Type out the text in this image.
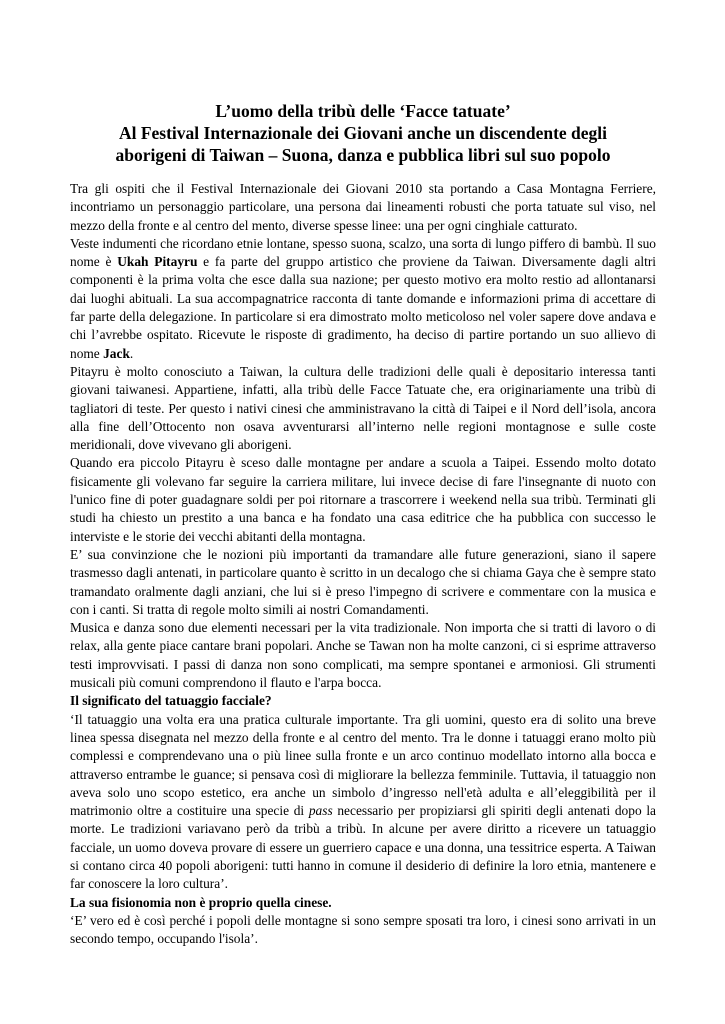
L’uomo della tribù delle ‘Facce tatuate’
Al Festival Internazionale dei Giovani anche un discendente degli
aborigeni di Taiwan – Suona, danza e pubblica libri sul suo popolo

Tra gli ospiti che il Festival Internazionale dei Giovani 2010 sta portando a Casa Montagna Ferriere, incontriamo un personaggio particolare, una persona dai lineamenti robusti che porta tatuate sul viso, nel mezzo della fronte e al centro del mento, diverse spesse linee: una per ogni cinghiale catturato.

Veste indumenti che ricordano etnie lontane, spesso suona, scalzo, una sorta di lungo piffero di bambù. Il suo nome è Ukah Pitayru e fa parte del gruppo artistico che proviene da Taiwan. Diversamente dagli altri componenti è la prima volta che esce dalla sua nazione; per questo motivo era molto restio ad allontanarsi dai luoghi abituali. La sua accompagnatrice racconta di tante domande e informazioni prima di accettare di far parte della delegazione. In particolare si era dimostrato molto meticoloso nel voler sapere dove andava e chi l’avrebbe ospitato. Ricevute le risposte di gradimento, ha deciso di partire portando un suo allievo di nome Jack.

Pitayru è molto conosciuto a Taiwan, la cultura delle tradizioni delle quali è depositario interessa tanti giovani taiwanesi. Appartiene, infatti, alla tribù delle Facce Tatuate che, era originariamente una tribù di tagliatori di teste. Per questo i nativi cinesi che amministravano la città di Taipei e il Nord dell’isola, ancora alla fine dell’Ottocento non osava avventurarsi all’interno nelle regioni montagnose e sulle coste meridionali, dove vivevano gli aborigeni.

Quando era piccolo Pitayru è sceso dalle montagne per andare a scuola a Taipei. Essendo molto dotato fisicamente gli volevano far seguire la carriera militare, lui invece decise di fare l'insegnante di nuoto con l'unico fine di poter guadagnare soldi per poi ritornare a trascorrere i weekend nella sua tribù. Terminati gli studi ha chiesto un prestito a una banca e ha fondato una casa editrice che ha pubblica con successo le interviste e le storie dei vecchi abitanti della montagna.

E’ sua convinzione che le nozioni più importanti da tramandare alle future generazioni, siano il sapere trasmesso dagli antenati, in particolare quanto è scritto in un decalogo che si chiama Gaya che è sempre stato tramandato oralmente dagli anziani, che lui si è preso l'impegno di scrivere e commentare con la musica e con i canti. Si tratta di regole molto simili ai nostri Comandamenti.

Musica e danza sono due elementi necessari per la vita tradizionale. Non importa che si tratti di lavoro o di relax, alla gente piace cantare brani popolari. Anche se Tawan non ha molte canzoni, ci si esprime attraverso testi improvvisati. I passi di danza non sono complicati, ma sempre spontanei e armoniosi. Gli strumenti musicali più comuni comprendono il flauto e l'arpa bocca.

Il significato del tatuaggio facciale?

‘Il tatuaggio una volta era una pratica culturale importante. Tra gli uomini, questo era di solito una breve linea spessa disegnata nel mezzo della fronte e al centro del mento. Tra le donne i tatuaggi erano molto più complessi e comprendevano una o più linee sulla fronte e un arco continuo modellato intorno alla bocca e attraverso entrambe le guance; si pensava così di migliorare la bellezza femminile. Tuttavia, il tatuaggio non aveva solo uno scopo estetico, era anche un simbolo d’ingresso nell'età adulta e all’eleggibilità per il matrimonio oltre a costituire una specie di pass necessario per propiziarsi gli spiriti degli antenati dopo la morte. Le tradizioni variavano però da tribù a tribù. In alcune per avere diritto a ricevere un tatuaggio facciale, un uomo doveva provare di essere un guerriero capace e una donna, una tessitrice esperta. A Taiwan si contano circa 40 popoli aborigeni: tutti hanno in comune il desiderio di definire la loro etnia, mantenere e far conoscere la loro cultura’.

La sua fisionomia non è proprio quella cinese.

‘E’ vero ed è così perché i popoli delle montagne si sono sempre sposati tra loro, i cinesi sono arrivati in un secondo tempo, occupando l'isola’.
